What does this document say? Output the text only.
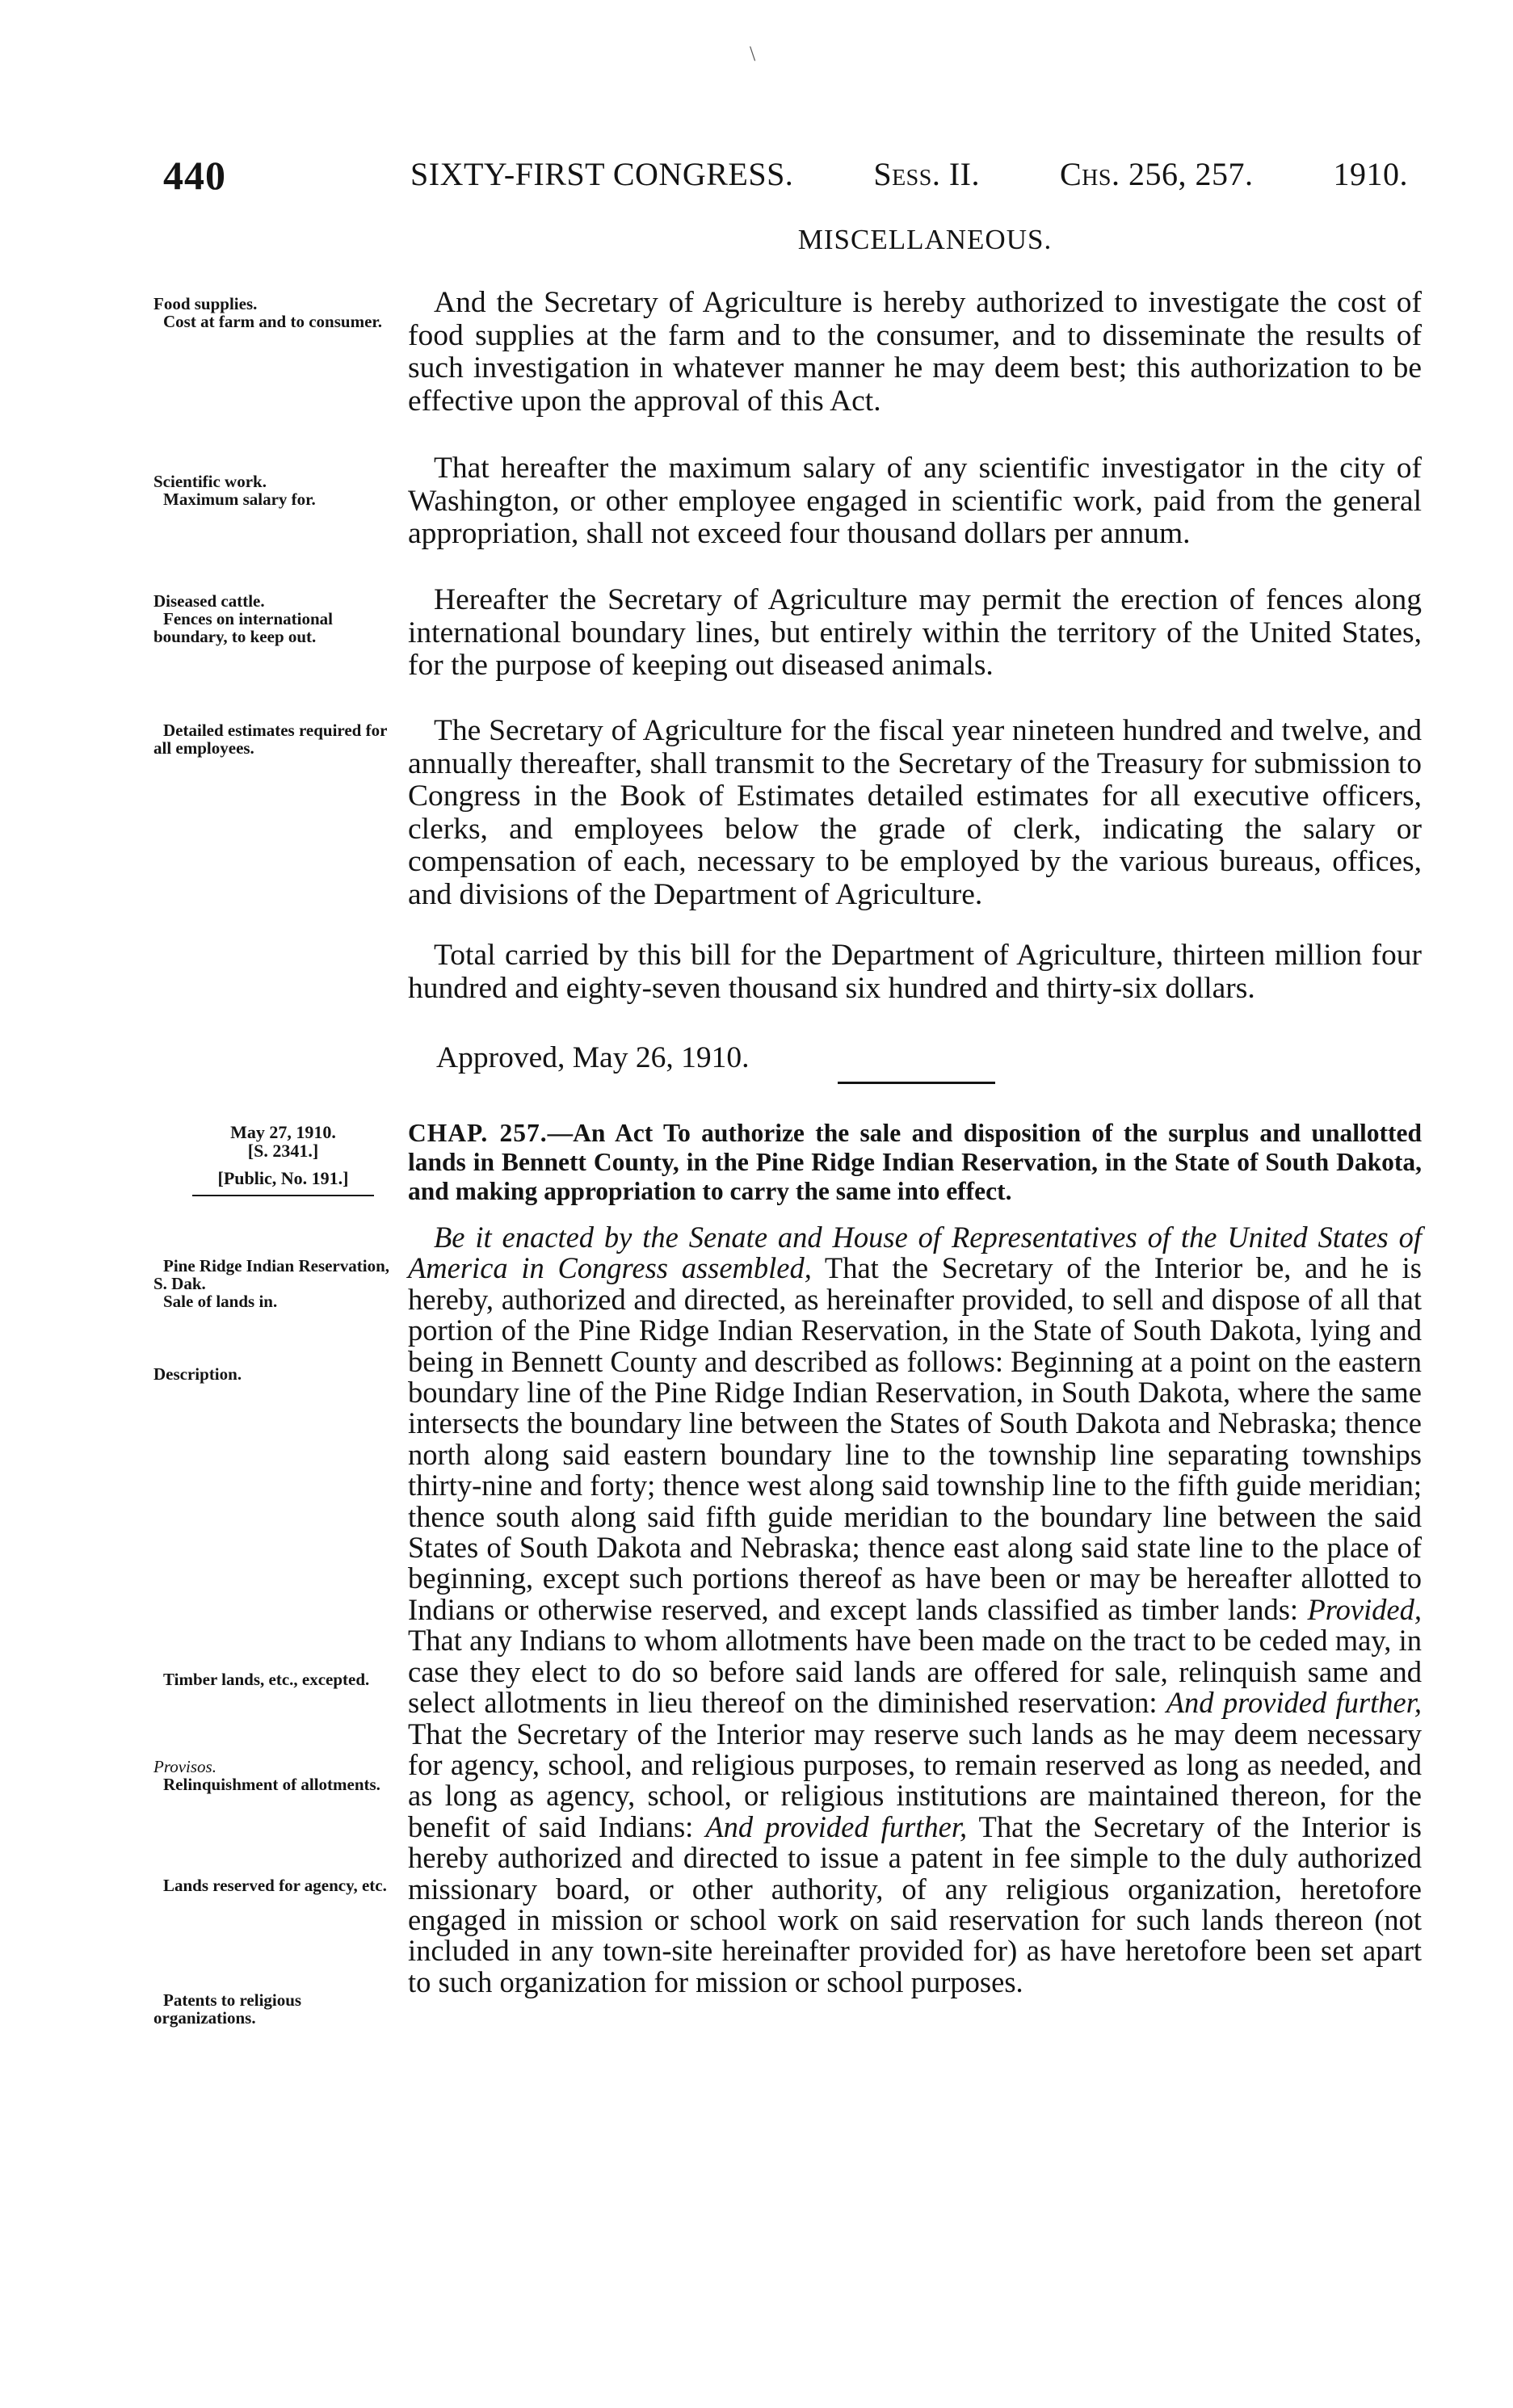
\
440	SIXTY-FIRST CONGRESS. Sess. II. Chs. 256, 257. 1910.
MISCELLANEOUS.
Food supplies.
Cost at farm and to consumer.
Scientific work.
Maximum salary for.
Diseased cattle.
Fences on international boundary, to keep out.
Detailed estimates required for all employees.
And the Secretary of Agriculture is hereby authorized to investigate the cost of food supplies at the farm and to the consumer, and to disseminate the results of such investigation in whatever manner he may deem best; this authorization to be effective upon the approval of this Act.
That hereafter the maximum salary of any scientific investigator in the city of Washington, or other employee engaged in scientific work, paid from the general appropriation, shall not exceed four thousand dollars per annum.
Hereafter the Secretary of Agriculture may permit the erection of fences along international boundary lines, but entirely within the territory of the United States, for the purpose of keeping out diseased animals.
The Secretary of Agriculture for the fiscal year nineteen hundred and twelve, and annually thereafter, shall transmit to the Secretary of the Treasury for submission to Congress in the Book of Estimates detailed estimates for all executive officers, clerks, and employees below the grade of clerk, indicating the salary or compensation of each, necessary to be employed by the various bureaus, offices, and divisions of the Department of Agriculture.
Total carried by this bill for the Department of Agriculture, thirteen million four hundred and eighty-seven thousand six hundred and thirty-six dollars.
Approved, May 26, 1910.
May 27, 1910.
[S. 2341.]
[Public, No. 191.]
CHAP. 257.—An Act To authorize the sale and disposition of the surplus and unallotted lands in Bennett County, in the Pine Ridge Indian Reservation, in the State of South Dakota, and making appropriation to carry the same into effect.
Pine Ridge Indian Reservation, S. Dak.
Sale of lands in.
Description.
Timber lands, etc., excepted.
Provisos.
Relinquishment of allotments.
Lands reserved for agency, etc.
Patents to religious organizations.
Be it enacted by the Senate and House of Representatives of the United States of America in Congress assembled, That the Secretary of the Interior be, and he is hereby, authorized and directed, as hereinafter provided, to sell and dispose of all that portion of the Pine Ridge Indian Reservation, in the State of South Dakota, lying and being in Bennett County and described as follows: Beginning at a point on the eastern boundary line of the Pine Ridge Indian Reservation, in South Dakota, where the same intersects the boundary line between the States of South Dakota and Nebraska; thence north along said eastern boundary line to the township line separating townships thirty-nine and forty; thence west along said township line to the fifth guide meridian; thence south along said fifth guide meridian to the boundary line between the said States of South Dakota and Nebraska; thence east along said state line to the place of beginning, except such portions thereof as have been or may be hereafter allotted to Indians or otherwise reserved, and except lands classified as timber lands: Provided, That any Indians to whom allotments have been made on the tract to be ceded may, in case they elect to do so before said lands are offered for sale, relinquish same and select allotments in lieu thereof on the diminished reservation: And provided further, That the Secretary of the Interior may reserve such lands as he may deem necessary for agency, school, and religious purposes, to remain reserved as long as needed, and as long as agency, school, or religious institutions are maintained thereon, for the benefit of said Indians: And provided further, That the Secretary of the Interior is hereby authorized and directed to issue a patent in fee simple to the duly authorized missionary board, or other authority, of any religious organization, heretofore engaged in mission or school work on said reservation for such lands thereon (not included in any town-site hereinafter provided for) as have heretofore been set apart to such organization for mission or school purposes.
